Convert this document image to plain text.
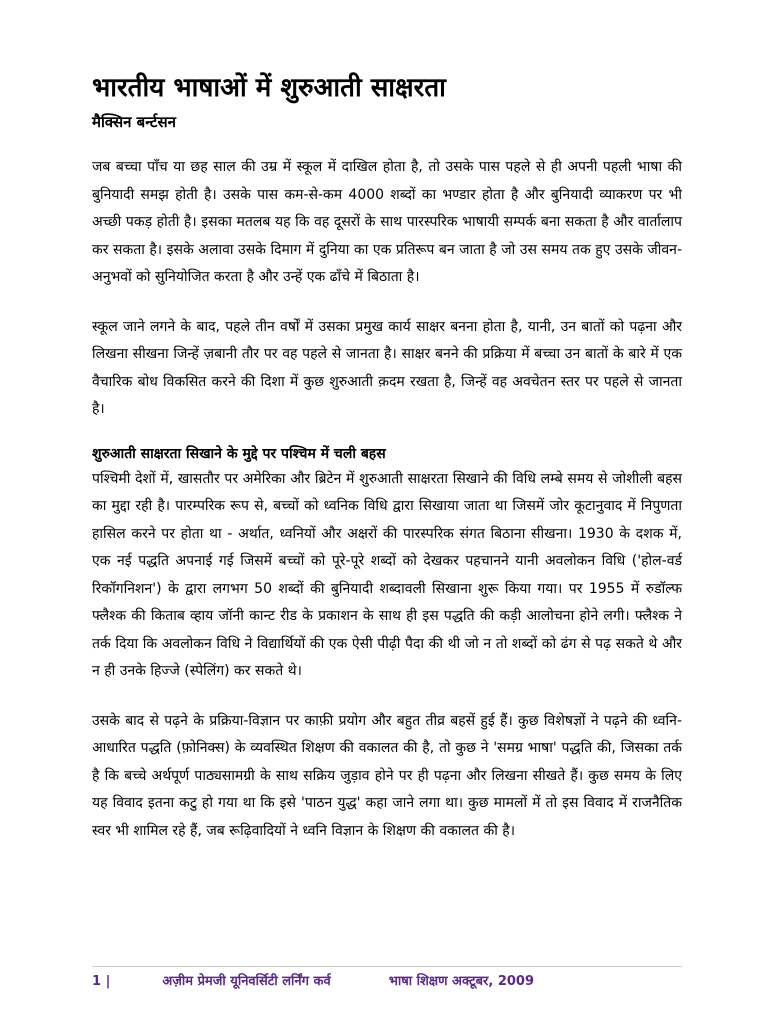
भारतीय भाषाओं में शुरुआती साक्षरता
मैक्सिन बर्न्टसन

जब बच्चा पाँच या छह साल की उम्र में स्कूल में दाखिल होता है, तो उसके पास पहले से ही अपनी पहली भाषा की बुनियादी समझ होती है। उसके पास कम-से-कम 4000 शब्दों का भण्डार होता है और बुनियादी व्याकरण पर भी अच्छी पकड़ होती है। इसका मतलब यह कि वह दूसरों के साथ पारस्परिक भाषायी सम्पर्क बना सकता है और वार्तालाप कर सकता है। इसके अलावा उसके दिमाग में दुनिया का एक प्रतिरूप बन जाता है जो उस समय तक हुए उसके जीवन-अनुभवों को सुनियोजित करता है और उन्हें एक ढाँचे में बिठाता है।

स्कूल जाने लगने के बाद, पहले तीन वर्षों में उसका प्रमुख कार्य साक्षर बनना होता है, यानी, उन बातों को पढ़ना और लिखना सीखना जिन्हें ज़बानी तौर पर वह पहले से जानता है। साक्षर बनने की प्रक्रिया में बच्चा उन बातों के बारे में एक वैचारिक बोध विकसित करने की दिशा में कुछ शुरुआती क़दम रखता है, जिन्हें वह अवचेतन स्तर पर पहले से जानता है।

शुरुआती साक्षरता सिखाने के मुद्दे पर पश्चिम में चली बहस

पश्चिमी देशों में, खासतौर पर अमेरिका और ब्रिटेन में शुरुआती साक्षरता सिखाने की विधि लम्बे समय से जोशीली बहस का मुद्दा रही है। पारम्परिक रूप से, बच्चों को ध्वनिक विधि द्वारा सिखाया जाता था जिसमें जोर कूटानुवाद में निपुणता हासिल करने पर होता था - अर्थात, ध्वनियों और अक्षरों की पारस्परिक संगत बिठाना सीखना। 1930 के दशक में, एक नई पद्धति अपनाई गई जिसमें बच्चों को पूरे-पूरे शब्दों को देखकर पहचानने यानी अवलोकन विधि ('होल-वर्ड रिकॉगनिशन') के द्वारा लगभग 50 शब्दों की बुनियादी शब्दावली सिखाना शुरू किया गया। पर 1955 में रुडॉल्फ फ्लैश्क की किताब व्हाय जॉनी कान्ट रीड के प्रकाशन के साथ ही इस पद्धति की कड़ी आलोचना होने लगी। फ्लैश्क ने तर्क दिया कि अवलोकन विधि ने विद्यार्थियों की एक ऐसी पीढ़ी पैदा की थी जो न तो शब्दों को ढंग से पढ़ सकते थे और न ही उनके हिज्जे (स्पेलिंग) कर सकते थे।

उसके बाद से पढ़ने के प्रक्रिया-विज्ञान पर काफ़ी प्रयोग और बहुत तीव्र बहसें हुई हैं। कुछ विशेषज्ञों ने पढ़ने की ध्वनि-आधारित पद्धति (फ़ोनिक्स) के व्यवस्थित शिक्षण की वकालत की है, तो कुछ ने 'समग्र भाषा' पद्धति की, जिसका तर्क है कि बच्चे अर्थपूर्ण पाठ्यसामग्री के साथ सक्रिय जुड़ाव होने पर ही पढ़ना और लिखना सीखते हैं। कुछ समय के लिए यह विवाद इतना कटु हो गया था कि इसे 'पाठन युद्ध' कहा जाने लगा था। कुछ मामलों में तो इस विवाद में राजनैतिक स्वर भी शामिल रहे हैं, जब रूढ़िवादियों ने ध्वनि विज्ञान के शिक्षण की वकालत की है।

1 |	अज़ीम प्रेमजी यूनिवर्सिटी लर्निंग कर्व	भाषा शिक्षण अक्टूबर, 2009
